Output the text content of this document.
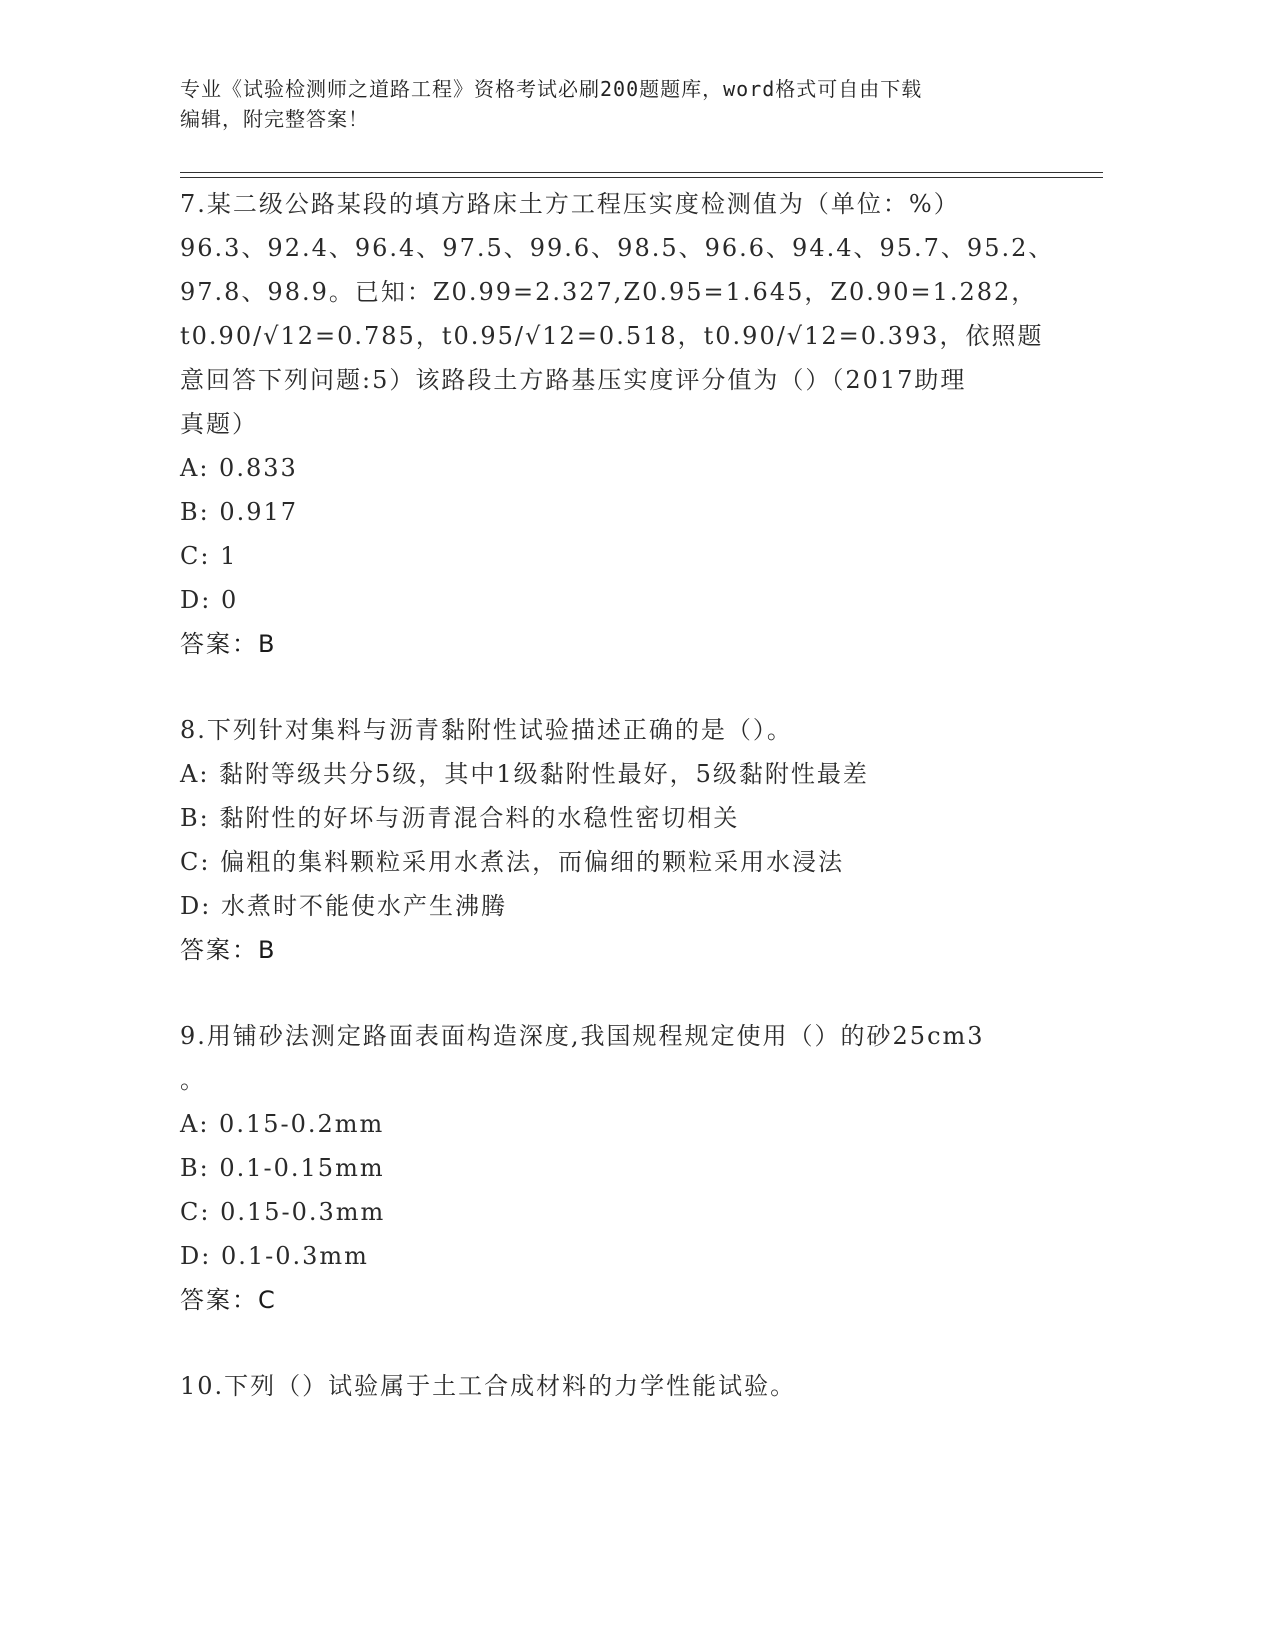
专业《试验检测师之道路工程》资格考试必刷200题题库，word格式可自由下载
编辑，附完整答案！
7.某二级公路某段的填方路床土方工程压实度检测值为（单位：%）
96.3、92.4、96.4、97.5、99.6、98.5、96.6、94.4、95.7、95.2、
97.8、98.9。已知：Z0.99=2.327,Z0.95=1.645，Z0.90=1.282，
t0.90/√12=0.785，t0.95/√12=0.518，t0.90/√12=0.393，依照题
意回答下列问题:5）该路段土方路基压实度评分值为（）（2017助理
真题）
A: 0.833
B: 0.917
C: 1
D: 0
答案：B
8.下列针对集料与沥青黏附性试验描述正确的是（）。
A: 黏附等级共分5级，其中1级黏附性最好，5级黏附性最差
B: 黏附性的好坏与沥青混合料的水稳性密切相关
C: 偏粗的集料颗粒采用水煮法，而偏细的颗粒采用水浸法
D: 水煮时不能使水产生沸腾
答案：B
9.用铺砂法测定路面表面构造深度,我国规程规定使用（）的砂25cm3
。
A: 0.15-0.2mm
B: 0.1-0.15mm
C: 0.15-0.3mm
D: 0.1-0.3mm
答案：C
10.下列（）试验属于土工合成材料的力学性能试验。
